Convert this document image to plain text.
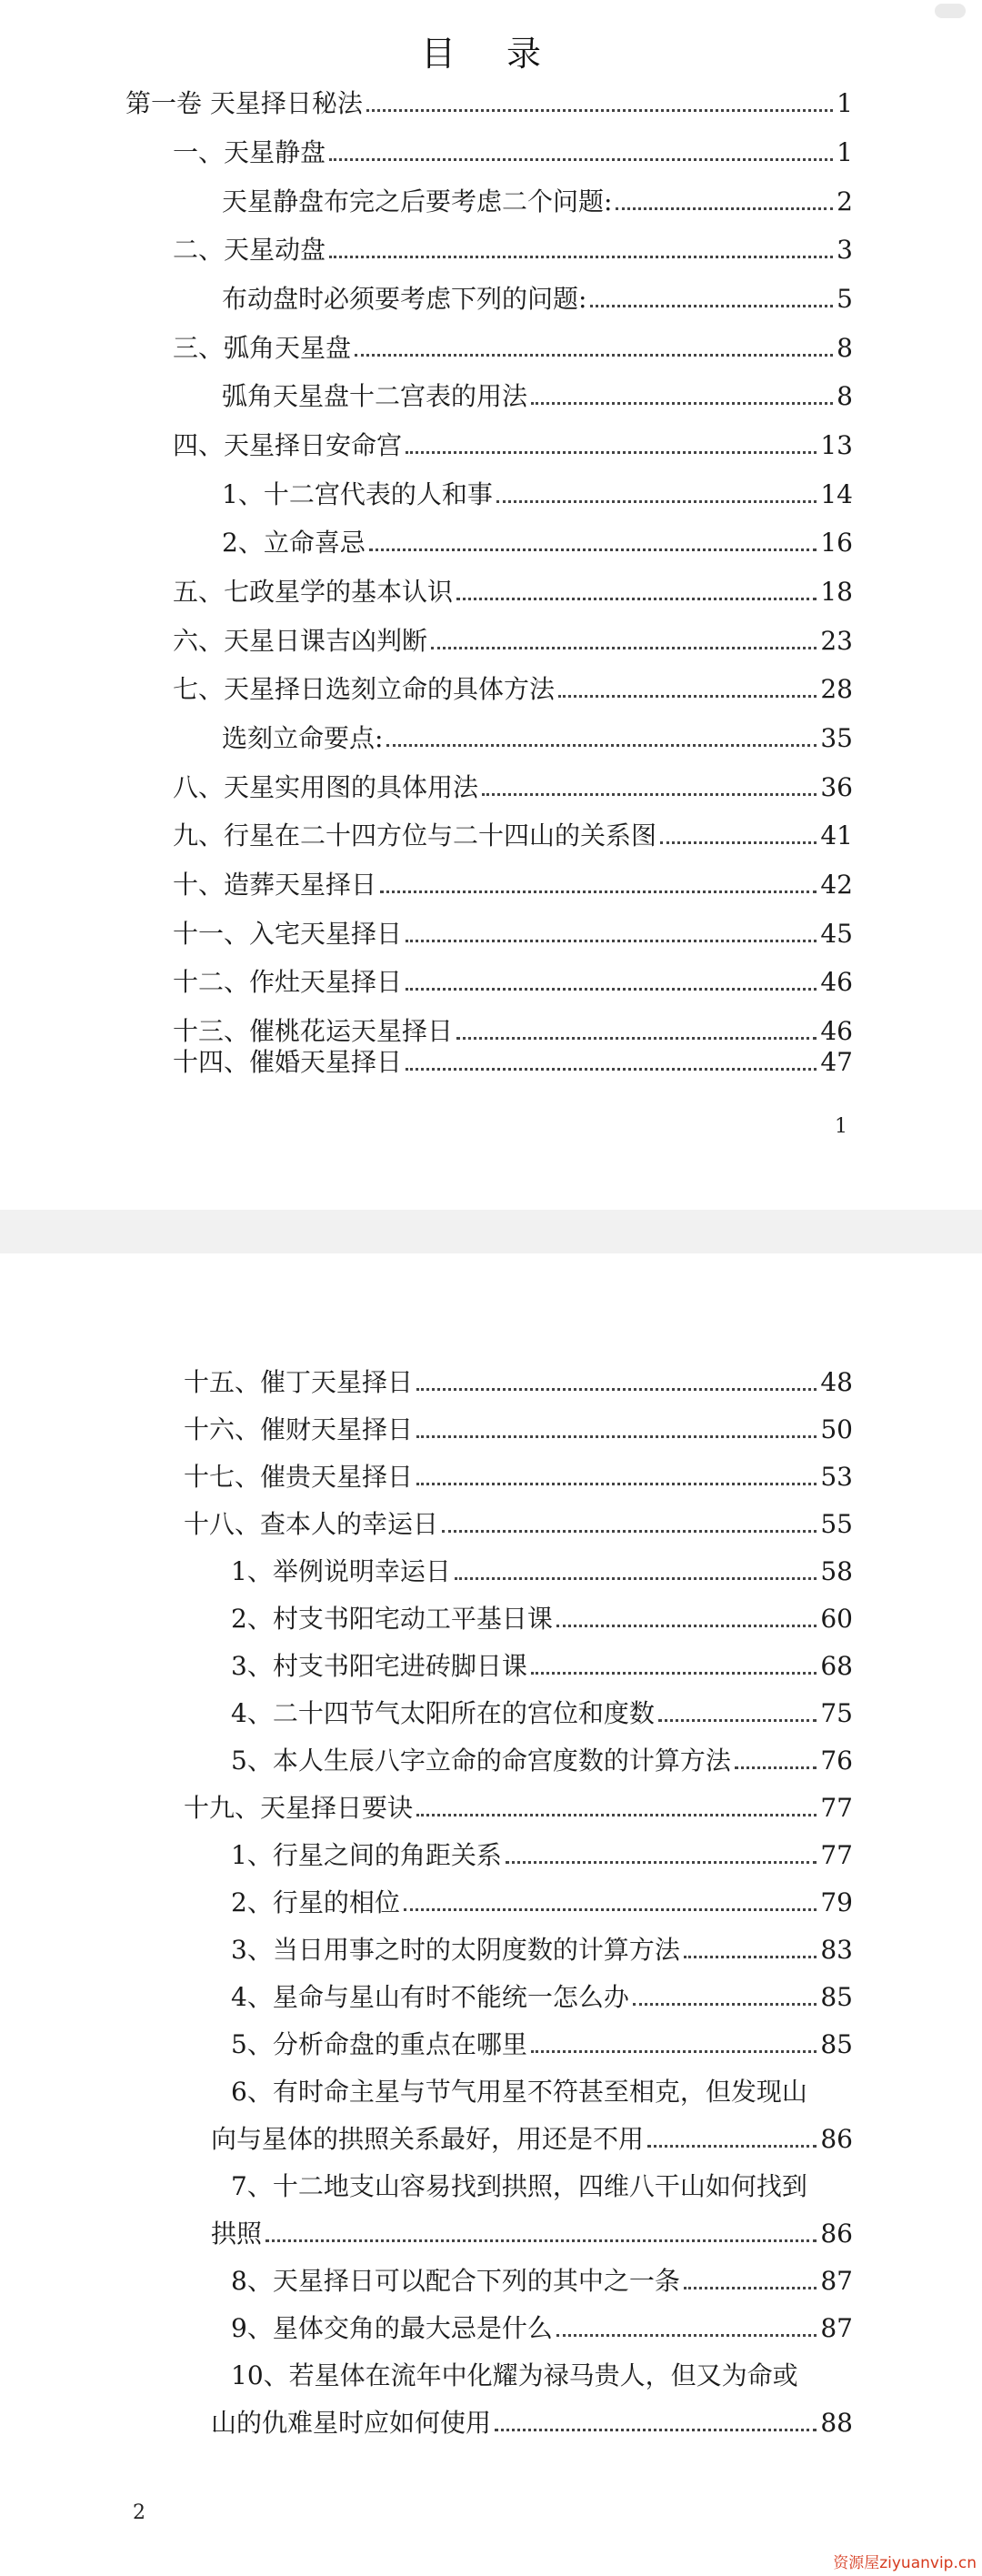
目 录
第一卷 天星择日秘法	1
一、天星静盘	1
天星静盘布完之后要考虑二个问题:	2
二、天星动盘	3
布动盘时必须要考虑下列的问题:	5
三、弧角天星盘	8
弧角天星盘十二宫表的用法	8
四、天星择日安命宫	13
1、十二宫代表的人和事	14
2、立命喜忌	16
五、七政星学的基本认识	18
六、天星日课吉凶判断	23
七、天星择日选刻立命的具体方法	28
选刻立命要点:	35
八、天星实用图的具体用法	36
九、行星在二十四方位与二十四山的关系图	41
十、造葬天星择日	42
十一、入宅天星择日	45
十二、作灶天星择日	46
十三、催桃花运天星择日	46
十四、催婚天星择日	47
1
十五、催丁天星择日	48
十六、催财天星择日	50
十七、催贵天星择日	53
十八、查本人的幸运日	55
1、举例说明幸运日	58
2、村支书阳宅动工平基日课	60
3、村支书阳宅进砖脚日课	68
4、二十四节气太阳所在的宫位和度数	75
5、本人生辰八字立命的命宫度数的计算方法	76
十九、天星择日要诀	77
1、行星之间的角距关系	77
2、行星的相位	79
3、当日用事之时的太阴度数的计算方法	83
4、星命与星山有时不能统一怎么办	85
5、分析命盘的重点在哪里	85
6、有时命主星与节气用星不符甚至相克，但发现山
向与星体的拱照关系最好，用还是不用	86
7、十二地支山容易找到拱照，四维八干山如何找到
拱照	86
8、天星择日可以配合下列的其中之一条	87
9、星体交角的最大忌是什么	87
10、若星体在流年中化耀为禄马贵人，但又为命或
山的仇难星时应如何使用	88
2
资源屋ziyuanvip.cn
